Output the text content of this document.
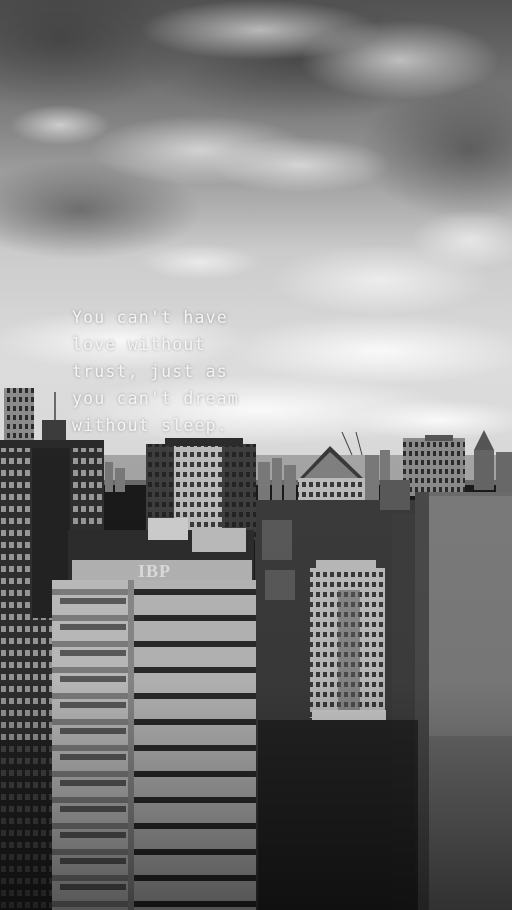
You can't have
love without
trust, just as
you can't dream
without sleep.
